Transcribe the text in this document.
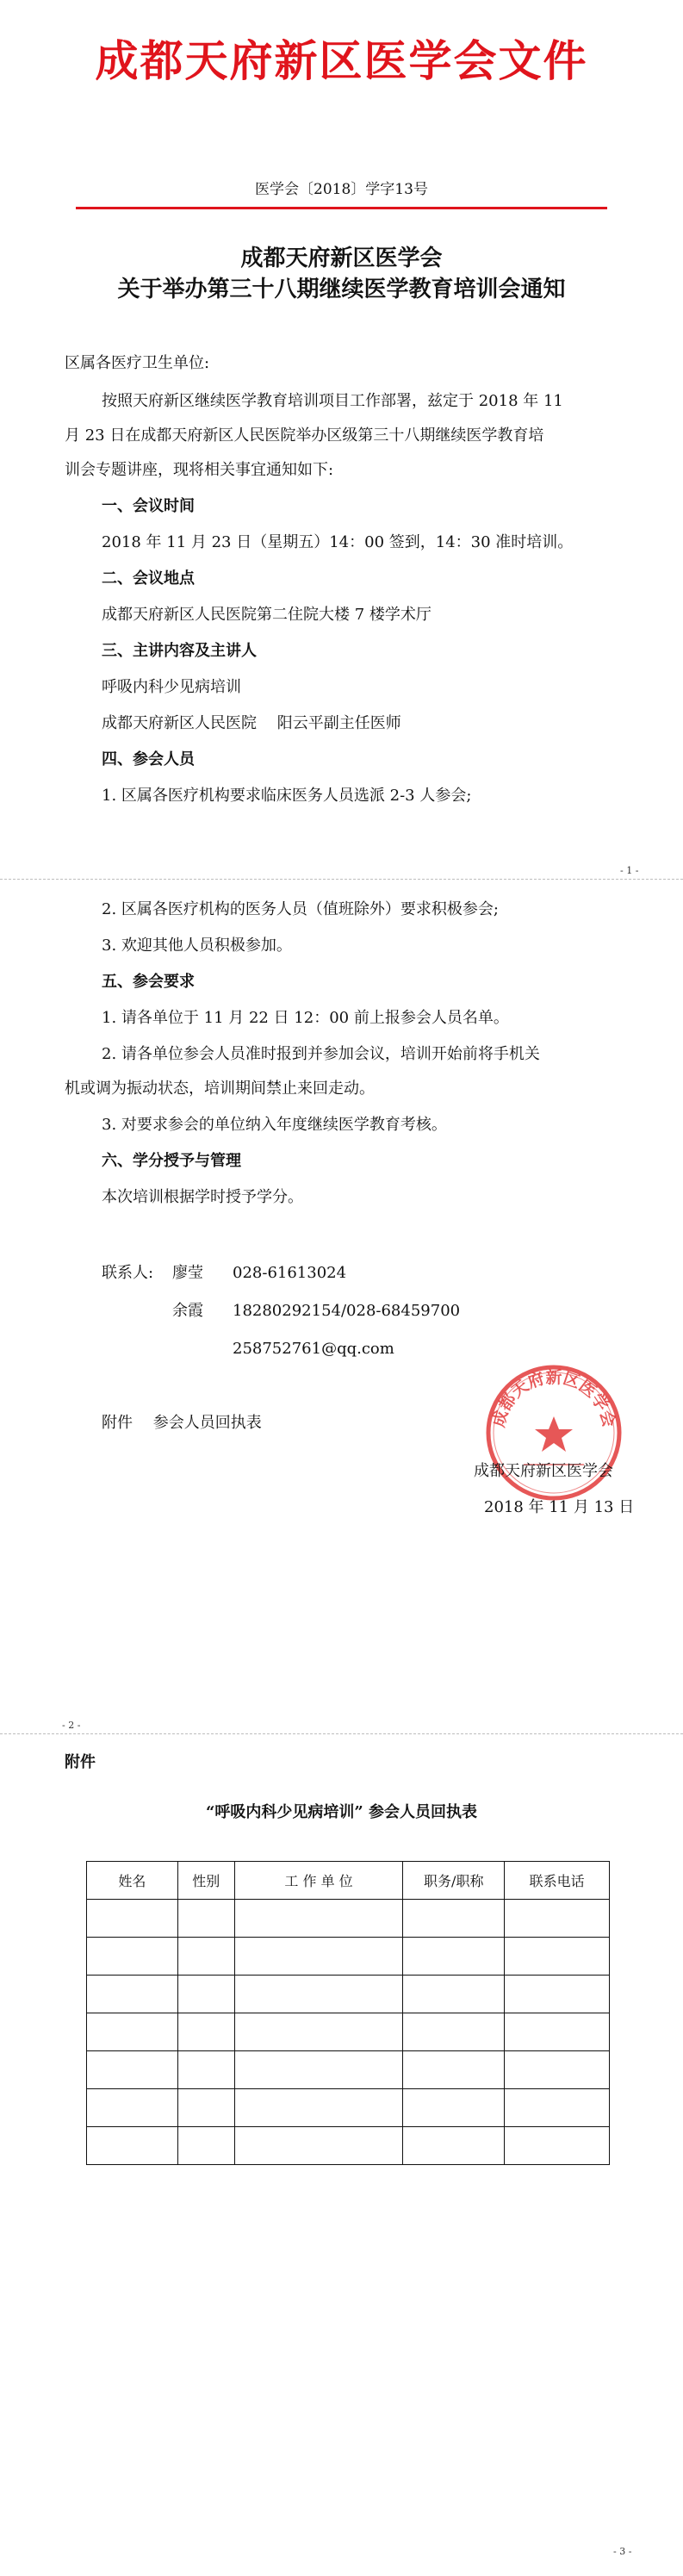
成都天府新区医学会文件
医学会〔2018〕学字13号
成都天府新区医学会
关于举办第三十八期继续医学教育培训会通知
区属各医疗卫生单位:
按照天府新区继续医学教育培训项目工作部署，兹定于 2018 年 11
月 23 日在成都天府新区人民医院举办区级第三十八期继续医学教育培
训会专题讲座，现将相关事宜通知如下:
一、会议时间
2018 年 11 月 23 日（星期五）14：00 签到，14：30 准时培训。
二、会议地点
成都天府新区人民医院第二住院大楼 7 楼学术厅
三、主讲内容及主讲人
呼吸内科少见病培训
成都天府新区人民医院　 阳云平副主任医师
四、参会人员
1. 区属各医疗机构要求临床医务人员选派 2-3 人参会;
- 1 -
2. 区属各医疗机构的医务人员（值班除外）要求积极参会;
3. 欢迎其他人员积极参加。
五、参会要求
1. 请各单位于 11 月 22 日 12：00 前上报参会人员名单。
2. 请各单位参会人员准时报到并参加会议，培训开始前将手机关
机或调为振动状态，培训期间禁止来回走动。
3. 对要求参会的单位纳入年度继续医学教育考核。
六、学分授予与管理
本次培训根据学时授予学分。
联系人: 廖莹 028-61613024
余霞 18280292154/028-68459700
258752761@qq.com
附件　 参会人员回执表	成都天府新区医学会
成都天府新区医学会
2018 年 11 月 13 日
- 2 -
附件
“呼吸内科少见病培训” 参会人员回执表
姓名	性别	工 作 单 位	职务/职称	联系电话

- 3 -
